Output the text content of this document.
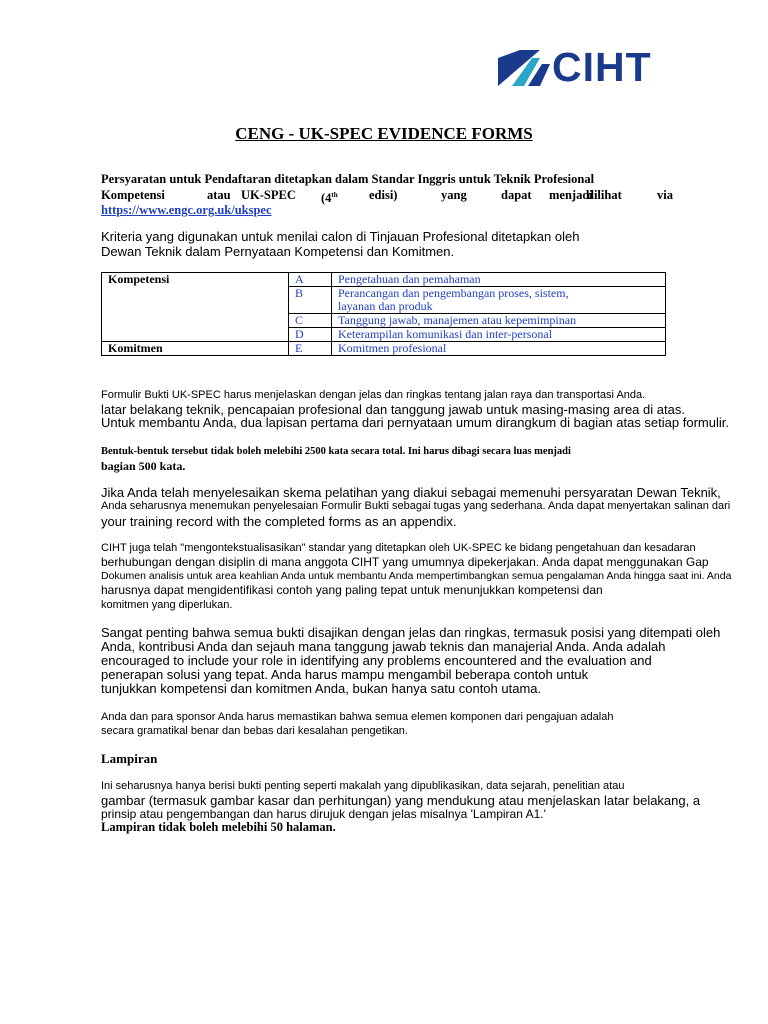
CIHT
CENG - UK-SPEC EVIDENCE FORMS
Persyaratan untuk Pendaftaran ditetapkan dalam Standar Inggris untuk Teknik Profesional
Kompetensi	atau UK-SPEC (4th	edisi)	yang	dapat menjadi
dilihat	via
https://www.engc.org.uk/ukspec
Kriteria yang digunakan untuk menilai calon di Tinjauan Profesional ditetapkan oleh
Dewan Teknik dalam Pernyataan Kompetensi dan Komitmen.
Kompetensi	A	Pengetahuan dan pemahaman
	B	Perancangan dan pengembangan proses, sistem, layanan dan produk
	C	Tanggung jawab, manajemen atau kepemimpinan
	D	Keterampilan komunikasi dan inter-personal
Komitmen	E	Komitmen profesional
Formulir Bukti UK-SPEC harus menjelaskan dengan jelas dan ringkas tentang jalan raya dan transportasi Anda.
latar belakang teknik, pencapaian profesional dan tanggung jawab untuk masing-masing area di atas.
Untuk membantu Anda, dua lapisan pertama dari pernyataan umum dirangkum di bagian atas setiap formulir.
Bentuk-bentuk tersebut tidak boleh melebihi 2500 kata secara total. Ini harus dibagi secara luas menjadi
bagian 500 kata.
Jika Anda telah menyelesaikan skema pelatihan yang diakui sebagai memenuhi persyaratan Dewan Teknik,
Anda seharusnya menemukan penyelesaian Formulir Bukti sebagai tugas yang sederhana. Anda dapat menyertakan salinan dari
your training record with the completed forms as an appendix.
CIHT juga telah "mengontekstualisasikan" standar yang ditetapkan oleh UK-SPEC ke bidang pengetahuan dan kesadaran
berhubungan dengan disiplin di mana anggota CIHT yang umumnya dipekerjakan. Anda dapat menggunakan Gap
Dokumen analisis untuk area keahlian Anda untuk membantu Anda mempertimbangkan semua pengalaman Anda hingga saat ini. Anda
harusnya dapat mengidentifikasi contoh yang paling tepat untuk menunjukkan kompetensi dan
komitmen yang diperlukan.
Sangat penting bahwa semua bukti disajikan dengan jelas dan ringkas, termasuk posisi yang ditempati oleh
Anda, kontribusi Anda dan sejauh mana tanggung jawab teknis dan manajerial Anda. Anda adalah
encouraged to include your role in identifying any problems encountered and the evaluation and
penerapan solusi yang tepat. Anda harus mampu mengambil beberapa contoh untuk
tunjukkan kompetensi dan komitmen Anda, bukan hanya satu contoh utama.
Anda dan para sponsor Anda harus memastikan bahwa semua elemen komponen dari pengajuan adalah
secara gramatikal benar dan bebas dari kesalahan pengetikan.
Lampiran
Ini seharusnya hanya berisi bukti penting seperti makalah yang dipublikasikan, data sejarah, penelitian atau
gambar (termasuk gambar kasar dan perhitungan) yang mendukung atau menjelaskan latar belakang, a
prinsip atau pengembangan dan harus dirujuk dengan jelas misalnya 'Lampiran A1.'
Lampiran tidak boleh melebihi 50 halaman.
